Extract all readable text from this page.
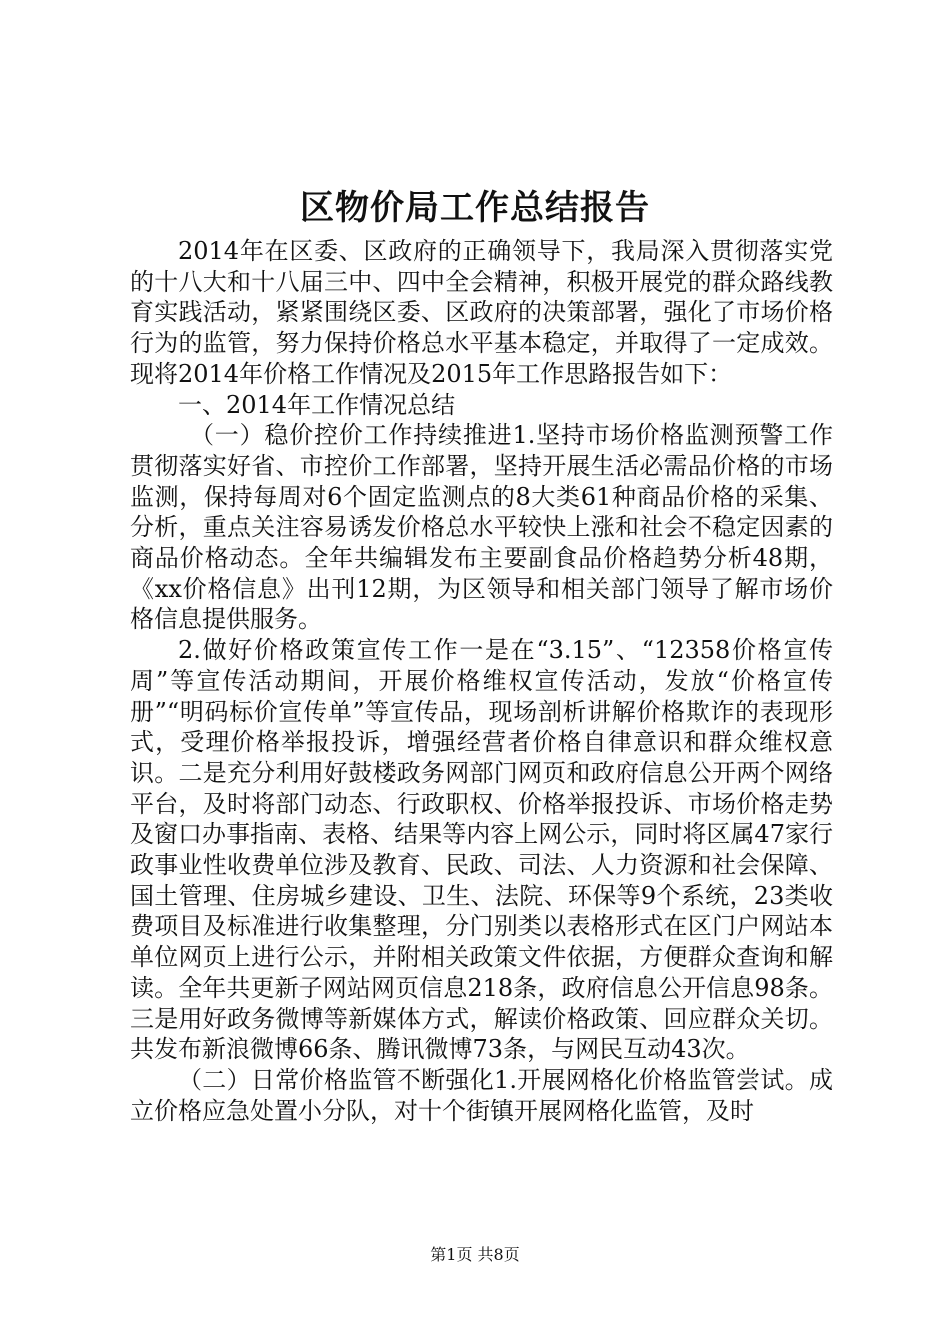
区物价局工作总结报告

2014年在区委、区政府的正确领导下，我局深入贯彻落实党的十八大和十八届三中、四中全会精神，积极开展党的群众路线教育实践活动，紧紧围绕区委、区政府的决策部署，强化了市场价格行为的监管，努力保持价格总水平基本稳定，并取得了一定成效。现将2014年价格工作情况及2015年工作思路报告如下：

一、2014年工作情况总结

（一）稳价控价工作持续推进1.坚持市场价格监测预警工作贯彻落实好省、市控价工作部署，坚持开展生活必需品价格的市场监测，保持每周对6个固定监测点的8大类61种商品价格的采集、分析，重点关注容易诱发价格总水平较快上涨和社会不稳定因素的商品价格动态。全年共编辑发布主要副食品价格趋势分析48期，《xx价格信息》出刊12期，为区领导和相关部门领导了解市场价格信息提供服务。

2.做好价格政策宣传工作一是在“3.15”、“12358价格宣传周”等宣传活动期间，开展价格维权宣传活动，发放“价格宣传册”“明码标价宣传单”等宣传品，现场剖析讲解价格欺诈的表现形式，受理价格举报投诉，增强经营者价格自律意识和群众维权意识。二是充分利用好鼓楼政务网部门网页和政府信息公开两个网络平台，及时将部门动态、行政职权、价格举报投诉、市场价格走势及窗口办事指南、表格、结果等内容上网公示，同时将区属47家行政事业性收费单位涉及教育、民政、司法、人力资源和社会保障、国土管理、住房城乡建设、卫生、法院、环保等9个系统，23类收费项目及标准进行收集整理，分门别类以表格形式在区门户网站本单位网页上进行公示，并附相关政策文件依据，方便群众查询和解读。全年共更新子网站网页信息218条，政府信息公开信息98条。三是用好政务微博等新媒体方式，解读价格政策、回应群众关切。共发布新浪微博66条、腾讯微博73条，与网民互动43次。

（二）日常价格监管不断强化1.开展网格化价格监管尝试。成立价格应急处置小分队，对十个街镇开展网格化监管，及时

第1页 共8页
